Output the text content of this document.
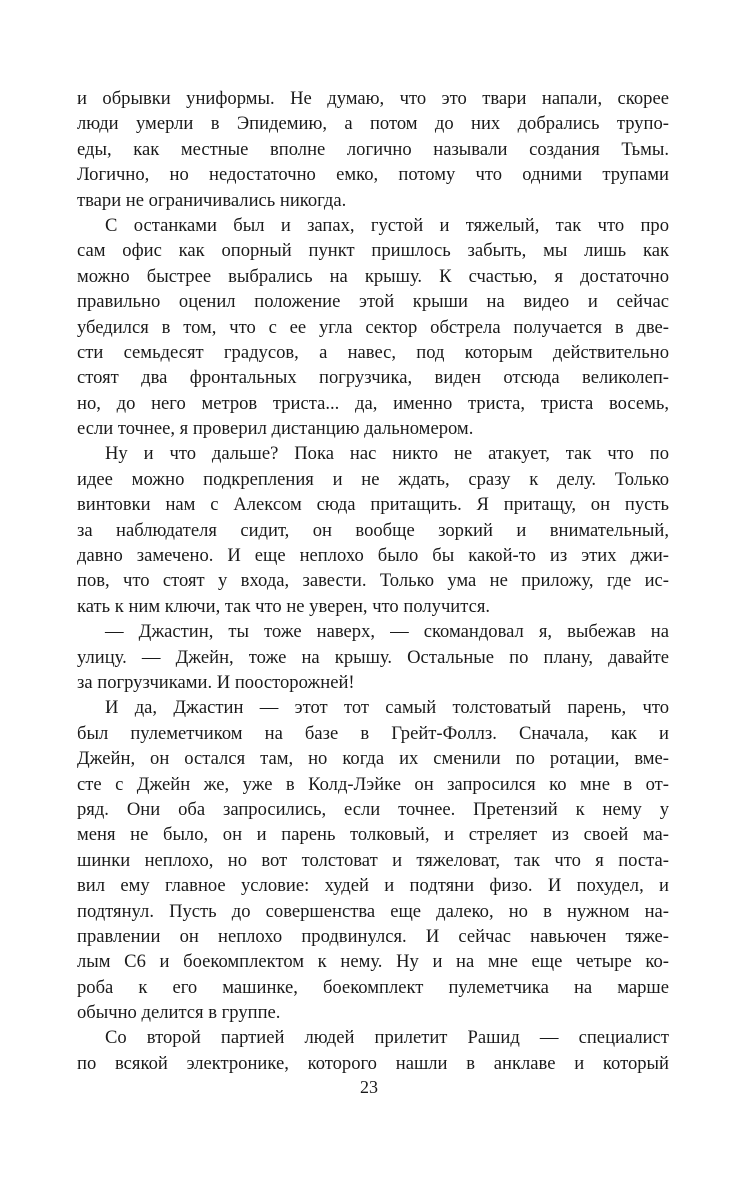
и обрывки униформы. Не думаю, что это твари напали, скорее
люди умерли в Эпидемию, а потом до них добрались трупо-
еды, как местные вполне логично называли создания Тьмы.
Логично, но недостаточно емко, потому что одними трупами
твари не ограничивались никогда.
С останками был и запах, густой и тяжелый, так что про
сам офис как опорный пункт пришлось забыть, мы лишь как
можно быстрее выбрались на крышу. К счастью, я достаточно
правильно оценил положение этой крыши на видео и сейчас
убедился в том, что с ее угла сектор обстрела получается в две-
сти семьдесят градусов, а навес, под которым действительно
стоят два фронтальных погрузчика, виден отсюда великолеп-
но, до него метров триста... да, именно триста, триста восемь,
если точнее, я проверил дистанцию дальномером.
Ну и что дальше? Пока нас никто не атакует, так что по
идее можно подкрепления и не ждать, сразу к делу. Только
винтовки нам с Алексом сюда притащить. Я притащу, он пусть
за наблюдателя сидит, он вообще зоркий и внимательный,
давно замечено. И еще неплохо было бы какой-то из этих джи-
пов, что стоят у входа, завести. Только ума не приложу, где ис-
кать к ним ключи, так что не уверен, что получится.
— Джастин, ты тоже наверх, — скомандовал я, выбежав на
улицу. — Джейн, тоже на крышу. Остальные по плану, давайте
за погрузчиками. И поосторожней!
И да, Джастин — этот тот самый толстоватый парень, что
был пулеметчиком на базе в Грейт-Фоллз. Сначала, как и
Джейн, он остался там, но когда их сменили по ротации, вме-
сте с Джейн же, уже в Колд-Лэйке он запросился ко мне в от-
ряд. Они оба запросились, если точнее. Претензий к нему у
меня не было, он и парень толковый, и стреляет из своей ма-
шинки неплохо, но вот толстоват и тяжеловат, так что я поста-
вил ему главное условие: худей и подтяни физо. И похудел, и
подтянул. Пусть до совершенства еще далеко, но в нужном на-
правлении он неплохо продвинулся. И сейчас навьючен тяже-
лым C6 и боекомплектом к нему. Ну и на мне еще четыре ко-
роба к его машинке, боекомплект пулеметчика на марше
обычно делится в группе.
Со второй партией людей прилетит Рашид — специалист
по всякой электронике, которого нашли в анклаве и который
23
